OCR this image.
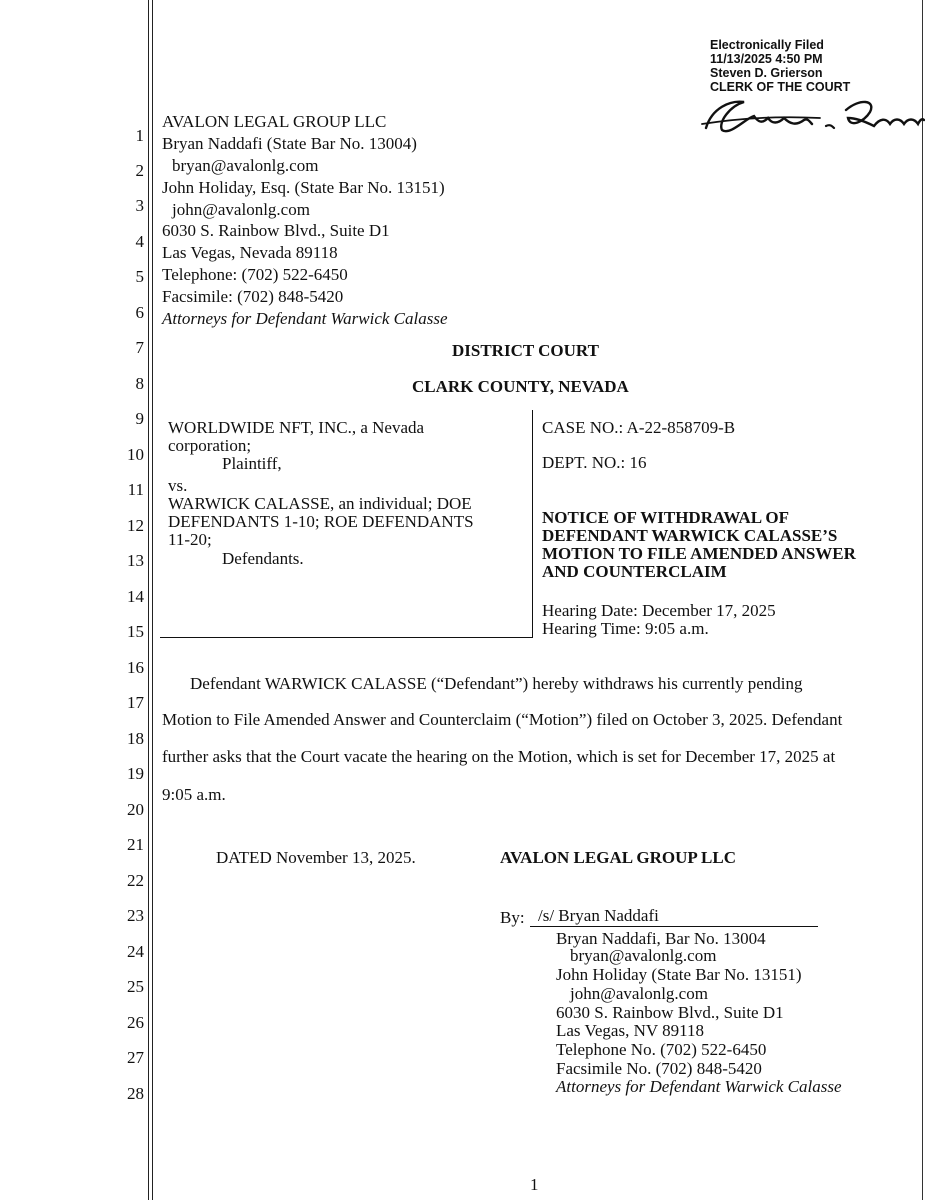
Electronically Filed
11/13/2025 4:50 PM
Steven D. Grierson
CLERK OF THE COURT
1
2
3
4
5
6
7
8
9
10
11
12
13
14
15
16
17
18
19
20
21
22
23
24
25
26
27
28
AVALON LEGAL GROUP LLC
Bryan Naddafi (State Bar No. 13004)
bryan@avalonlg.com
John Holiday, Esq. (State Bar No. 13151)
john@avalonlg.com
6030 S. Rainbow Blvd., Suite D1
Las Vegas, Nevada 89118
Telephone: (702) 522-6450
Facsimile: (702) 848-5420
Attorneys for Defendant Warwick Calasse
DISTRICT COURT
CLARK COUNTY, NEVADA
WORLDWIDE NFT, INC., a Nevada
corporation;
Plaintiff,
vs.
WARWICK CALASSE, an individual; DOE
DEFENDANTS 1-10; ROE DEFENDANTS
11-20;
Defendants.
CASE NO.: A-22-858709-B
DEPT. NO.: 16
NOTICE OF WITHDRAWAL OF
DEFENDANT WARWICK CALASSE’S
MOTION TO FILE AMENDED ANSWER
AND COUNTERCLAIM
Hearing Date: December 17, 2025
Hearing Time: 9:05 a.m.
Defendant WARWICK CALASSE (“Defendant”) hereby withdraws his currently pending
Motion to File Amended Answer and Counterclaim (“Motion”) filed on October 3, 2025. Defendant
further asks that the Court vacate the hearing on the Motion, which is set for December 17, 2025 at
9:05 a.m.
DATED November 13, 2025.	AVALON LEGAL GROUP LLC
By: /s/ Bryan Naddafi
Bryan Naddafi, Bar No. 13004
bryan@avalonlg.com
John Holiday (State Bar No. 13151)
john@avalonlg.com
6030 S. Rainbow Blvd., Suite D1
Las Vegas, NV 89118
Telephone No. (702) 522-6450
Facsimile No. (702) 848-5420
Attorneys for Defendant Warwick Calasse
1
